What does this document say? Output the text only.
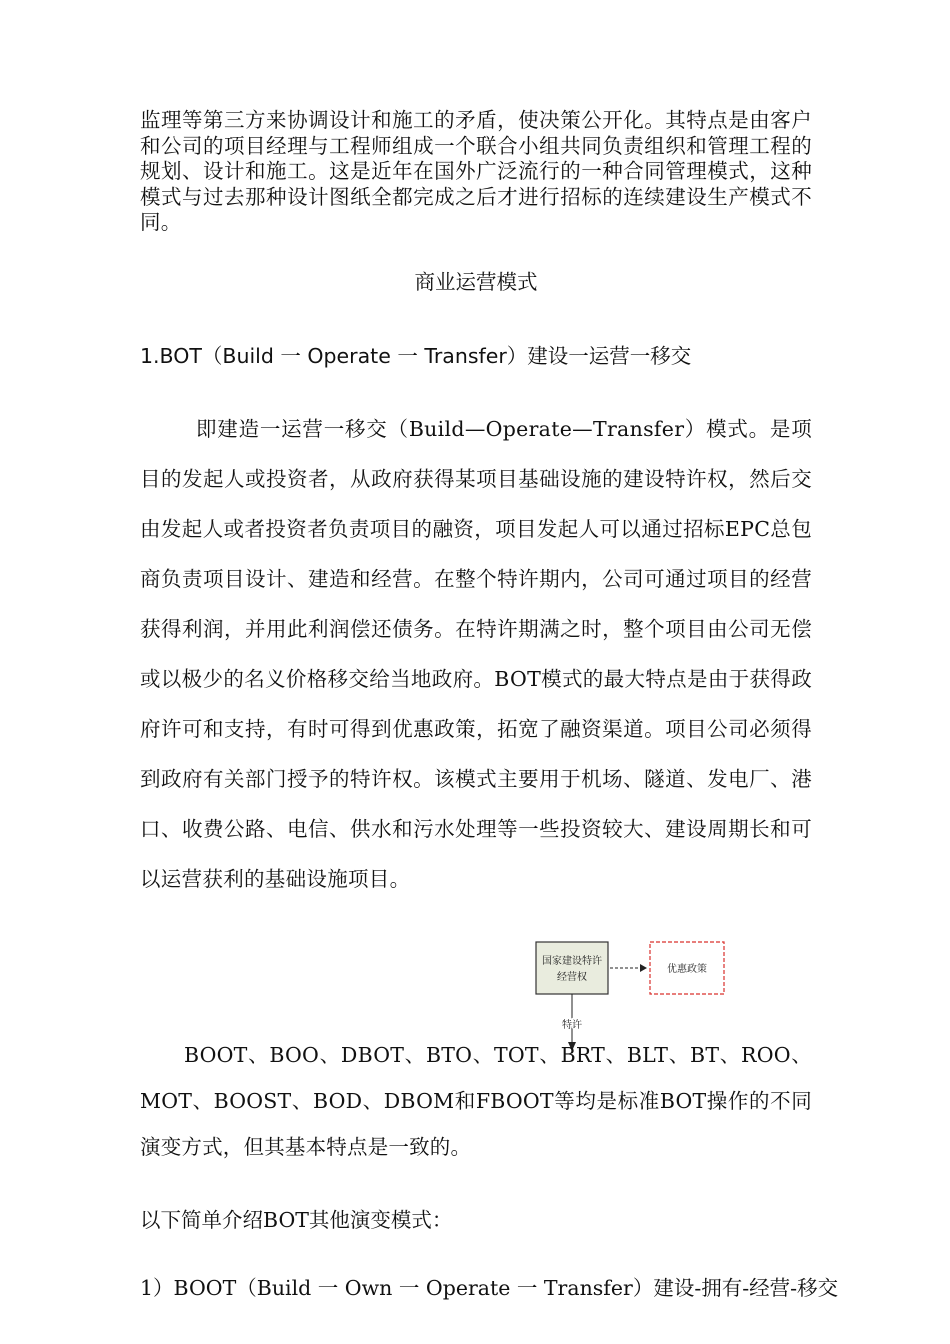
监理等第三方来协调设计和施工的矛盾，使决策公开化。其特点是由客户和公司的项目经理与工程师组成一个联合小组共同负责组织和管理工程的规划、设计和施工。这是近年在国外广泛流行的一种合同管理模式，这种模式与过去那种设计图纸全都完成之后才进行招标的连续建设生产模式不同。

商业运营模式
1.BOT（Build 一 Operate 一 Transfer）建设一运营一移交

即建造一运营一移交（Build—Operate—Transfer）模式。是项目的发起人或投资者，从政府获得某项目基础设施的建设特许权，然后交由发起人或者投资者负责项目的融资，项目发起人可以通过招标EPC总包商负责项目设计、建造和经营。在整个特许期内，公司可通过项目的经营获得利润，并用此利润偿还债务。在特许期满之时，整个项目由公司无偿或以极少的名义价格移交给当地政府。BOT模式的最大特点是由于获得政府许可和支持，有时可得到优惠政策，拓宽了融资渠道。项目公司必须得到政府有关部门授予的特许权。该模式主要用于机场、隧道、发电厂、港口、收费公路、电信、供水和污水处理等一些投资较大、建设周期长和可以运营获利的基础设施项目。

国家建设特许
经营权
优惠政策
特许

BOOT、BOO、DBOT、BTO、TOT、BRT、BLT、BT、ROO、MOT、BOOST、BOD、DBOM和FBOOT等均是标准BOT操作的不同演变方式，但其基本特点是一致的。

以下简单介绍BOT其他演变模式：
1）BOOT（Build 一 Own 一 Operate 一 Transfer）建设-拥有-经营-移交
